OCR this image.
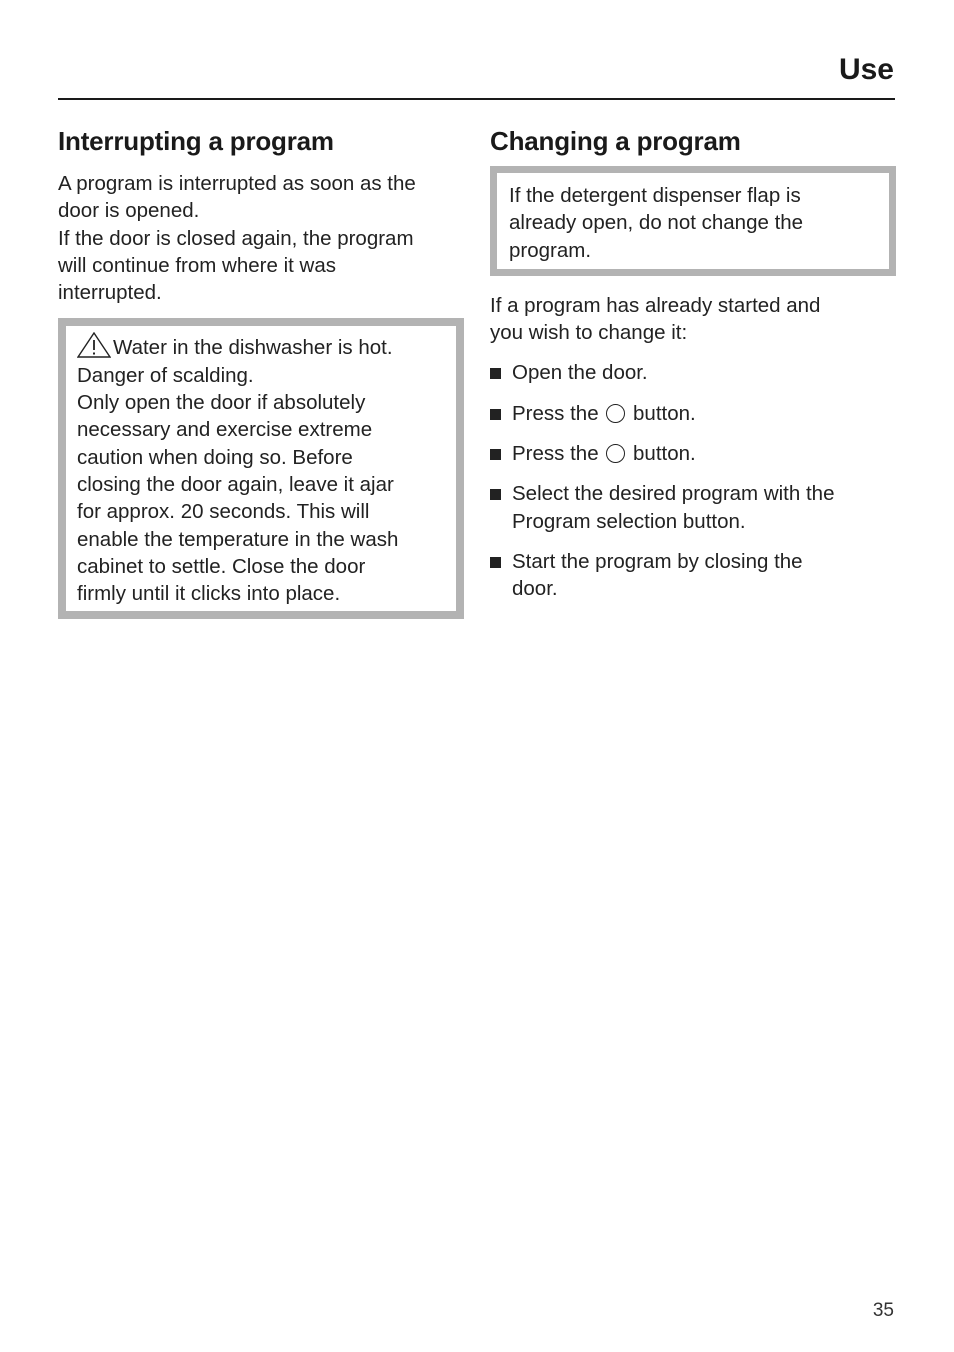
Use
Interrupting a program

A program is interrupted as soon as the
door is opened.
If the door is closed again, the program
will continue from where it was
interrupted.

Water in the dishwasher is hot.
Danger of scalding.
Only open the door if absolutely
necessary and exercise extreme
caution when doing so. Before
closing the door again, leave it ajar
for approx. 20 seconds. This will
enable the temperature in the wash
cabinet to settle. Close the door
firmly until it clicks into place.
Changing a program
If the detergent dispenser flap is
already open, do not change the
program.

If a program has already started and
you wish to change it:

Open the door.
Press the button.
Press the button.
Select the desired program with the
Program selection button.
Start the program by closing the
door.
35
